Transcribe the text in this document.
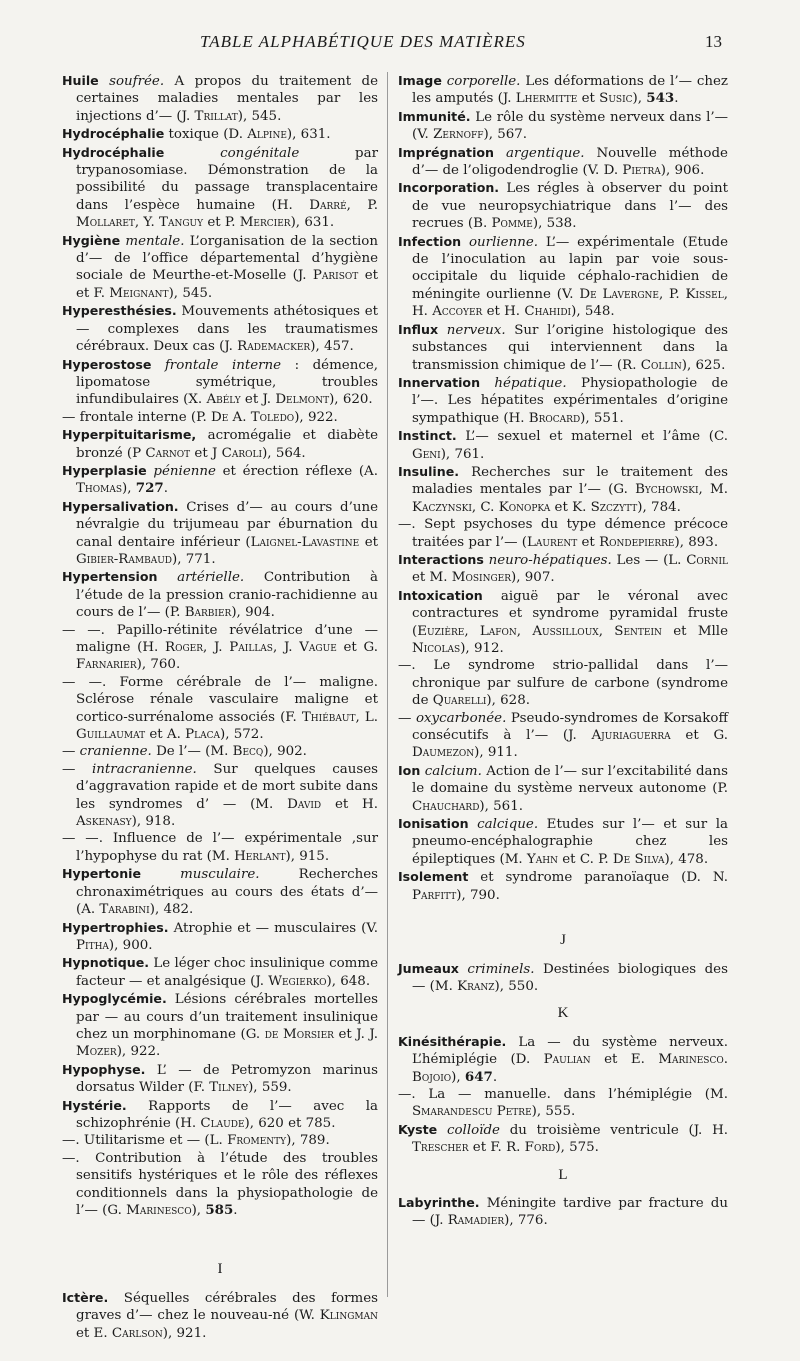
TABLE ALPHABÉTIQUE DES MATIÈRES	13

Huile soufrée. A propos du traitement de certaines maladies mentales par les injections d’— (J. Trillat), 545.

Hydrocéphalie toxique (D. Alpine), 631.

Hydrocéphalie congénitale par trypanosomiase. Démonstration de la possibilité du passage transplacentaire dans l’espèce humaine (H. Darré, P. Mollaret, Y. Tanguy et P. Mercier), 631.

Hygiène mentale. L’organisation de la section d’— de l’office départemental d’hygiène sociale de Meurthe-et-Moselle (J. Parisot et et F. Meignant), 545.

Hyperesthésies. Mouvements athétosiques et — complexes dans les traumatismes cérébraux. Deux cas (J. Rademacker), 457.

Hyperostose frontale interne : démence, lipomatose symétrique, troubles infundibulaires (X. Abély et J. Delmont), 620.

— frontale interne (P. De A. Toledo), 922.

Hyperpituitarisme, acromégalie et diabète bronzé (P Carnot et J Caroli), 564.

Hyperplasie pénienne et érection réflexe (A. Thomas), 727.

Hypersalivation. Crises d’— au cours d’une névralgie du trijumeau par éburnation du canal dentaire inférieur (Laignel-Lavastine et Gibier-Rambaud), 771.

Hypertension artérielle. Contribution à l’étude de la pression cranio-rachidienne au cours de l’— (P. Barbier), 904.

— —. Papillo-rétinite révélatrice d’une — maligne (H. Roger, J. Paillas, J. Vague et G. Farnarier), 760.

— —. Forme cérébrale de l’— maligne. Sclérose rénale vasculaire maligne et cortico-surrénalome associés (F. Thiébaut, L. Guillaumat et A. Placa), 572.

— cranienne. De l’— (M. Becq), 902.

— intracranienne. Sur quelques causes d’aggravation rapide et de mort subite dans les syndromes d’ — (M. David et H. Askenasy), 918.

— —. Influence de l’— expérimentale ,sur l’hypophyse du rat (M. Herlant), 915.

Hypertonie musculaire. Recherches chronaximétriques au cours des états d’— (A. Tarabini), 482.

Hypertrophies. Atrophie et — musculaires (V. Pitha), 900.

Hypnotique. Le léger choc insulinique comme facteur — et analgésique (J. Wegierko), 648.

Hypoglycémie. Lésions cérébrales mortelles par — au cours d’un traitement insulinique chez un morphinomane (G. de Morsier et J. J. Mozer), 922.

Hypophyse. L’ — de Petromyzon marinus dorsatus Wilder (F. Tilney), 559.

Hystérie. Rapports de l’— avec la schizophrénie (H. Claude), 620 et 785.

—. Utilitarisme et — (L. Fromenty), 789.

—. Contribution à l’étude des troubles sensitifs hystériques et le rôle des réflexes conditionnels dans la physiopathologie de l’— (G. Marinesco), 585.

I

Ictère. Séquelles cérébrales des formes graves d’— chez le nouveau-né (W. Klingman et E. Carlson), 921.

Image corporelle. Les déformations de l’— chez les amputés (J. Lhermitte et Susic), 543.

Immunité. Le rôle du système nerveux dans l’— (V. Zernoff), 567.

Imprégnation argentique. Nouvelle méthode d’— de l’oligodendroglie (V. D. Pietra), 906.

Incorporation. Les régles à observer du point de vue neuropsychiatrique dans l’— des recrues (B. Pomme), 538.

Infection ourlienne. L’— expérimentale (Etude de l’inoculation au lapin par voie sous-occipitale du liquide céphalo-rachidien de méningite ourlienne (V. De Lavergne, P. Kissel, H. Accoyer et H. Chahidi), 548.

Influx nerveux. Sur l’origine histologique des substances qui interviennent dans la transmission chimique de l’— (R. Collin), 625.

Innervation hépatique. Physiopathologie de l’—. Les hépatites expérimentales d’origine sympathique (H. Brocard), 551.

Instinct. L’— sexuel et maternel et l’âme (C. Geni), 761.

Insuline. Recherches sur le traitement des maladies mentales par l’— (G. Bychowski, M. Kaczynski, C. Konopka et K. Szczytt), 784.

—. Sept psychoses du type démence précoce traitées par l’— (Laurent et Rondepierre), 893.

Interactions neuro-hépatiques. Les — (L. Cornil et M. Mosinger), 907.

Intoxication aiguë par le véronal avec contractures et syndrome pyramidal fruste (Euzière, Lafon, Aussilloux, Sentein et Mlle Nicolas), 912.

—. Le syndrome strio-pallidal dans l’— chronique par sulfure de carbone (syndrome de Quarelli), 628.

— oxycarbonée. Pseudo-syndromes de Korsakoff consécutifs à l’— (J. Ajuriaguerra et G. Daumezon), 911.

Ion calcium. Action de l’— sur l’excitabilité dans le domaine du système nerveux autonome (P. Chauchard), 561.

Ionisation calcique. Etudes sur l’— et sur la pneumo-encéphalographie chez les épileptiques (M. Yahn et C. P. De Silva), 478.

Isolement et syndrome paranoïaque (D. N. Parfitt), 790.

J

Jumeaux criminels. Destinées biologiques des — (M. Kranz), 550.

K

Kinésithérapie. La — du système nerveux. L’hémiplégie (D. Paulian et E. Marinesco. Bojoio), 647.

—. La — manuelle. dans l’hémiplégie (M. Smarandescu Petre), 555.

Kyste colloïde du troisième ventricule (J. H. Trescher et F. R. Ford), 575.

L

Labyrinthe. Méningite tardive par fracture du — (J. Ramadier), 776.
